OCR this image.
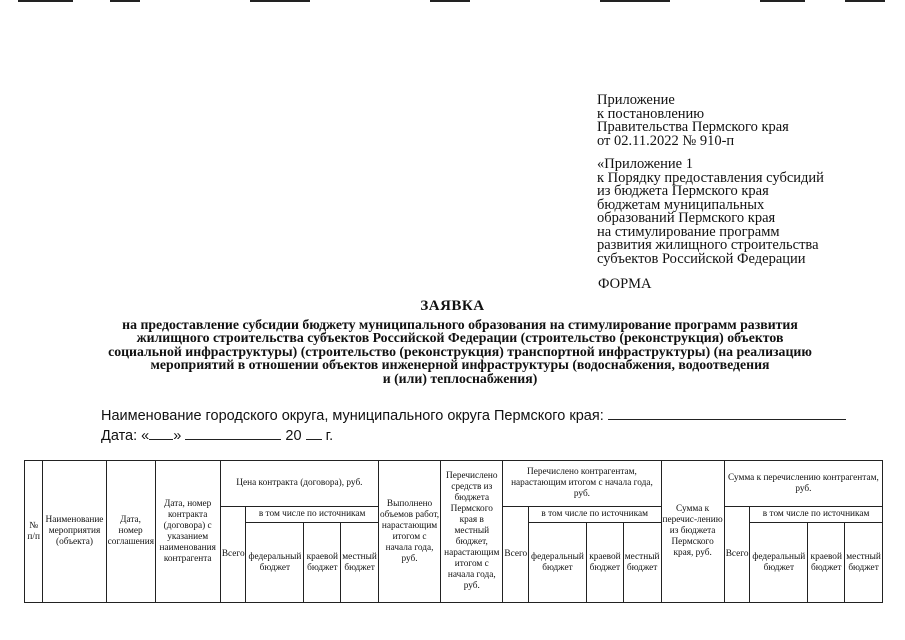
Приложение
к постановлению
Правительства Пермского края
от 02.11.2022 № 910-п
«Приложение 1
к Порядку предоставления субсидий
из бюджета Пермского края
бюджетам муниципальных
образований Пермского края
на стимулирование программ
развития жилищного строительства
субъектов Российской Федерации
ФОРМА
ЗАЯВКА
на предоставление субсидии бюджету муниципального образования на стимулирование программ развития
жилищного строительства субъектов Российской Федерации (строительство (реконструкция) объектов
социальной инфраструктуры) (строительство (реконструкция) транспортной инфраструктуры) (на реализацию
мероприятий в отношении объектов инженерной инфраструктуры (водоснабжения, водоотведения
и (или) теплоснабжения)
Наименование городского округа, муниципального округа Пермского края:
Дата: « »	20 г.
№ п/п	Наименование мероприятия (объекта)	Дата, номер соглашения	Дата, номер контракта (договора) с указанием наименования контрагента	Цена контракта (договора), руб.				Выполнено объемов работ, нарастающим итогом с начала года, руб.	Перечислено средств из бюджета Пермского края в местный бюджет, нарастающим итогом с начала года, руб.	Перечислено контрагентам, нарастающим итогом с начала года, руб.				Сумма к перечис-лению из бюджета Пермского края, руб.	Сумма к перечислению контрагентам, руб.			
				Всего	в том числе по источникам					Всего	в том числе по источникам				Всего	в том числе по источникам		
					федеральный бюджет	краевой бюджет	местный бюджет				федеральный бюджет	краевой бюджет	местный бюджет			федеральный бюджет	краевой бюджет	местный бюджет
